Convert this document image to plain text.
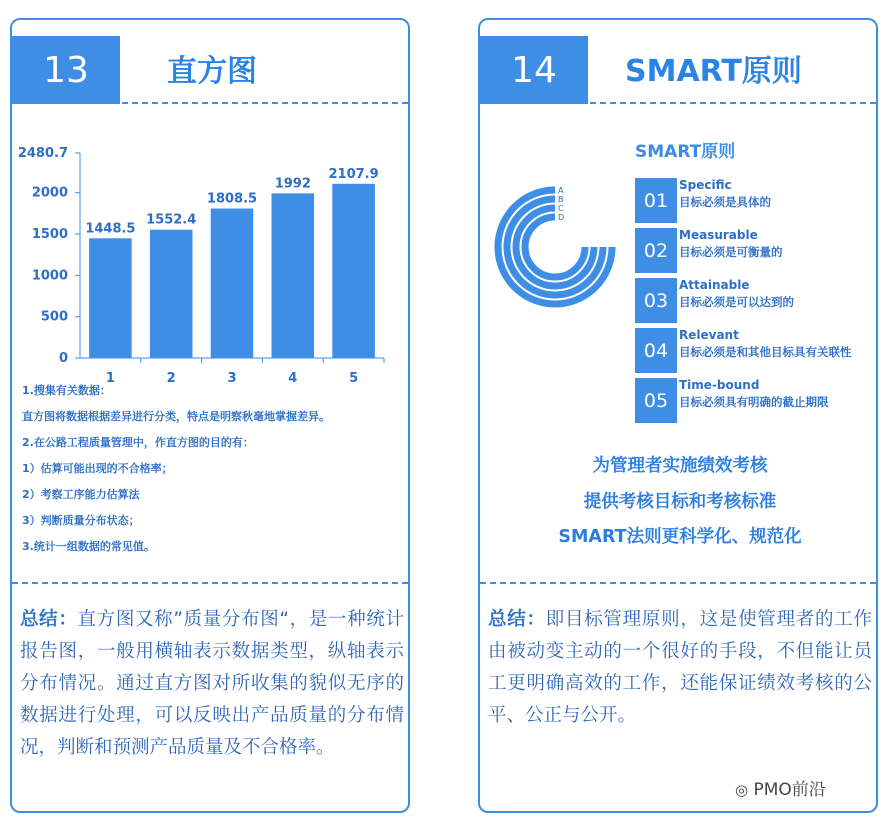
13	直方图
0
500
1000
1500
2000
2480.7
1448.5
1
1552.4
2
1808.5
3
1992
4
2107.9
5
1.搜集有关数据：
直方图将数据根据差异进行分类，特点是明察秋毫地掌握差异。
2.在公路工程质量管理中，作直方图的目的有：
1）估算可能出现的不合格率；
2）考察工序能力估算法
3）判断质量分布状态；
3.统计一组数据的常见值。
总结：直方图又称”质量分布图“，是一种统计报告图，一般用横轴表示数据类型，纵轴表示分布情况。通过直方图对所收集的貌似无序的数据进行处理，可以反映出产品质量的分布情况，判断和预测产品质量及不合格率。
14	SMART原则
SMART原则
A
B
C
D
01
Specific
目标必须是具体的
02
Measurable
目标必须是可衡量的
03
Attainable
目标必须是可以达到的
04
Relevant
目标必须是和其他目标具有关联性
05
Time-bound
目标必须具有明确的截止期限
为管理者实施绩效考核
提供考核目标和考核标准
SMART法则更科学化、规范化
总结：即目标管理原则，这是使管理者的工作由被动变主动的一个很好的手段，不但能让员工更明确高效的工作，还能保证绩效考核的公平、公正与公开。
◎ PMO前沿
